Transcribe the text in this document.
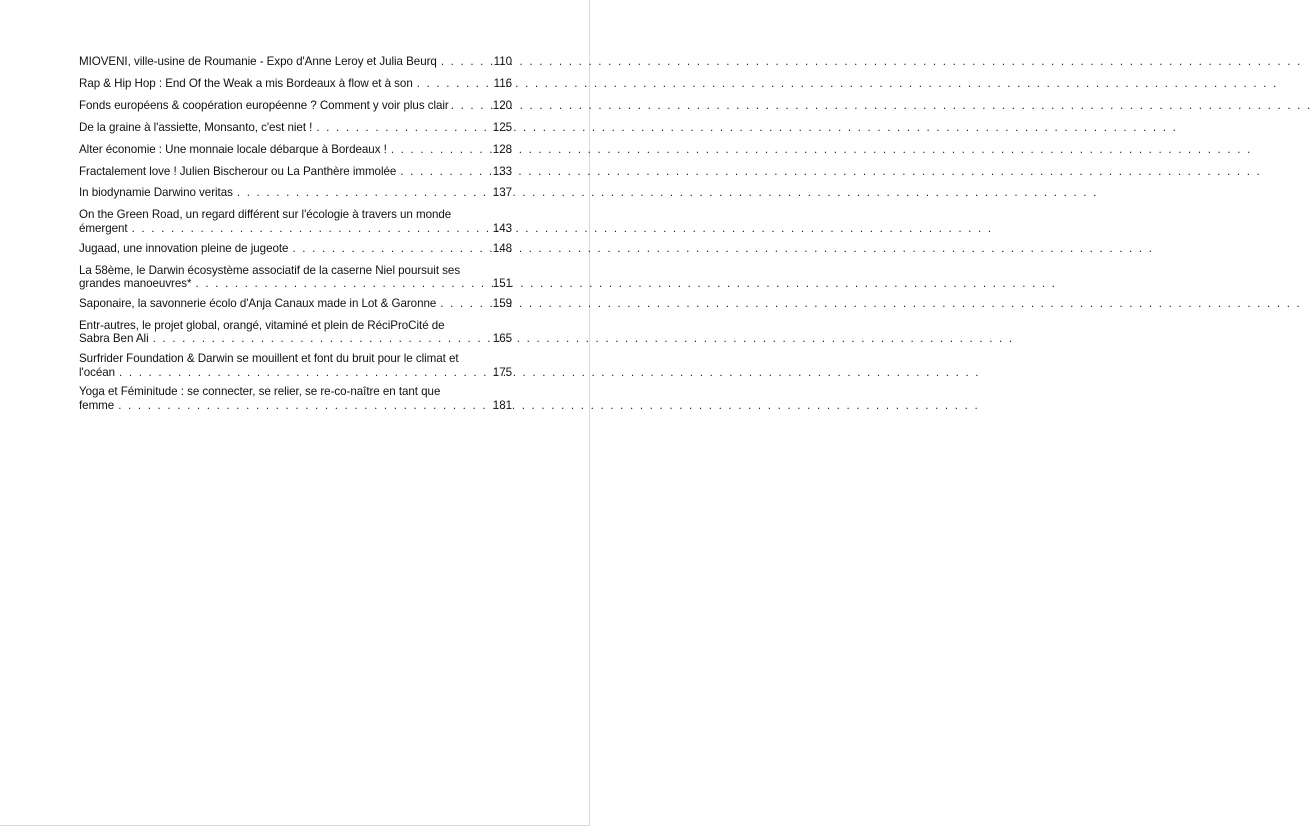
MIOVENI, ville-usine de Roumanie - Expo d'Anne Leroy et Julia Beurq . . .	110
Rap & Hip Hop : End Of the Weak a mis Bordeaux à flow et à son . . .	116
Fonds européens & coopération européenne ? Comment y voir plus clair . . .	120
De la graine à l'assiette, Monsanto, c'est niet ! . . .	125
Alter économie : Une monnaie locale débarque à Bordeaux ! . . .	128
Fractalement love ! Julien Bischerour ou La Panthère immolée . . .	133
In biodynamie Darwino veritas . . .	137
On the Green Road, un regard différent sur l'écologie à travers un monde
émergent . . .	143
Jugaad, une innovation pleine de jugeote . . .	148
La 58ème, le Darwin écosystème associatif de la caserne Niel poursuit ses
grandes manoeuvres* . . .	151
Saponaire, la savonnerie écolo d'Anja Canaux made in Lot & Garonne . . .	159
Entr-autres, le projet global, orangé, vitaminé et plein de RéciProCité de
Sabra Ben Ali . . .	165
Surfrider Foundation & Darwin se mouillent et font du bruit pour le climat et
l'océan . . .	175
Yoga et Féminitude : se connecter, se relier, se re-co-naître en tant que
femme . . .	181
